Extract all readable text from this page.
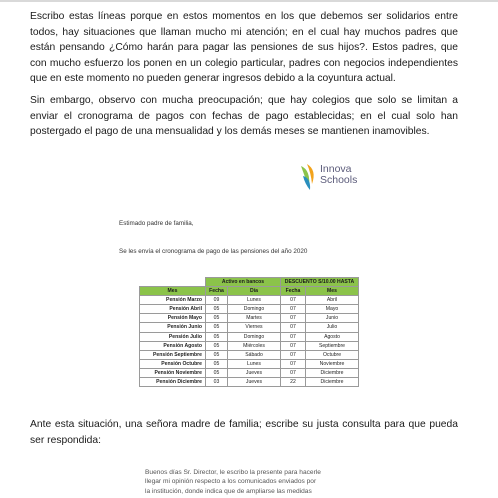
Escribo estas líneas porque en estos momentos en los que debemos ser solidarios entre todos, hay situaciones que llaman mucho mi atención; en el cual hay muchos padres que están pensando ¿Cómo harán para pagar las pensiones de sus hijos?. Estos padres, que con mucho esfuerzo los ponen en un colegio particular, padres con negocios independientes que en este momento no pueden generar ingresos debido a la coyuntura actual.

Sin embargo, observo con mucha preocupación; que hay colegios que solo se limitan a enviar el cronograma de pagos con fechas de pago establecidas; en el cual solo han postergado el pago de una mensualidad y los demás meses se mantienen inamovibles.

Innova
Schools
Estimado padre de familia,
Se les envía el cronograma de pago de las pensiones del año 2020
	Activo en bancos		DESCUENTO S/10.00 HASTA	
Mes	Fecha	Día	Fecha	Mes
Pensión Marzo	09	Lunes	07	Abril
Pensión Abril	05	Domingo	07	Mayo
Pensión Mayo	05	Martes	07	Junio
Pensión Junio	05	Viernes	07	Julio
Pensión Julio	05	Domingo	07	Agosto
Pensión Agosto	05	Miércoles	07	Septiembre
Pensión Septiembre	05	Sábado	07	Octubre
Pensión Octubre	05	Lunes	07	Noviembre
Pensión Noviembre	05	Jueves	07	Diciembre
Pensión Diciembre	03	Jueves	22	Diciembre

Ante esta situación, una señora madre de familia; escribe su justa consulta para que pueda ser respondida:

Buenos días Sr. Director, le escribo la presente para hacerle
llegar mi opinión respecto a los comunicados enviados por
la institución, donde indica que de ampliarse las medidas
